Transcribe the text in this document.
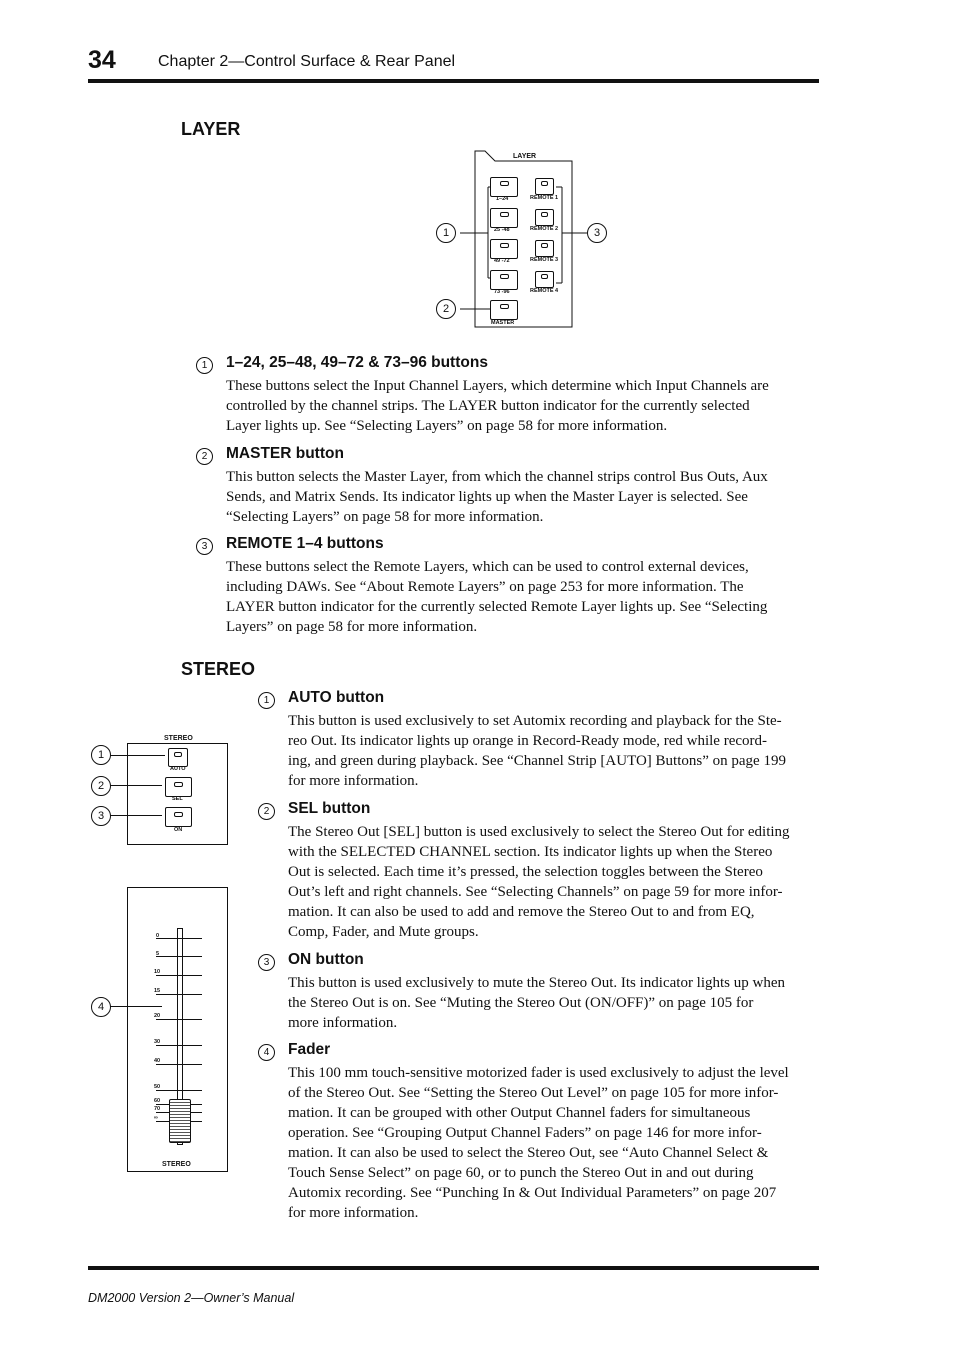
34	Chapter 2—Control Surface & Rear Panel
LAYER
LAYER
1–24
25 -48
49 -72
73 -96
MASTER
REMOTE 1
REMOTE 2
REMOTE 3
REMOTE 4
1
2
3
1	1–24, 25–48, 49–72 & 73–96 buttons
These buttons select the Input Channel Layers, which determine which Input Channels are
controlled by the channel strips. The LAYER button indicator for the currently selected
Layer lights up. See “Selecting Layers” on page 58 for more information.
2	MASTER button
This button selects the Master Layer, from which the channel strips control Bus Outs, Aux
Sends, and Matrix Sends. Its indicator lights up when the Master Layer is selected. See
“Selecting Layers” on page 58 for more information.
3	REMOTE 1–4 buttons
These buttons select the Remote Layers, which can be used to control external devices,
including DAWs. See “About Remote Layers” on page 253 for more information. The
LAYER button indicator for the currently selected Remote Layer lights up. See “Selecting
Layers” on page 58 for more information.
STEREO
STEREO
AUTO
SEL
ON
1
2
3
0
5
10
15
20
30
40
50
60
70
∞
STEREO
4
1	AUTO button
This button is used exclusively to set Automix recording and playback for the Ste-
reo Out. Its indicator lights up orange in Record-Ready mode, red while record-
ing, and green during playback. See “Channel Strip [AUTO] Buttons” on page 199
for more information.
2	SEL button
The Stereo Out [SEL] button is used exclusively to select the Stereo Out for editing
with the SELECTED CHANNEL section. Its indicator lights up when the Stereo
Out is selected. Each time it’s pressed, the selection toggles between the Stereo
Out’s left and right channels. See “Selecting Channels” on page 59 for more infor-
mation. It can also be used to add and remove the Stereo Out to and from EQ,
Comp, Fader, and Mute groups.
3	ON button
This button is used exclusively to mute the Stereo Out. Its indicator lights up when
the Stereo Out is on. See “Muting the Stereo Out (ON/OFF)” on page 105 for
more information.
4	Fader
This 100 mm touch-sensitive motorized fader is used exclusively to adjust the level
of the Stereo Out. See “Setting the Stereo Out Level” on page 105 for more infor-
mation. It can be grouped with other Output Channel faders for simultaneous
operation. See “Grouping Output Channel Faders” on page 146 for more infor-
mation. It can also be used to select the Stereo Out, see “Auto Channel Select &
Touch Sense Select” on page 60, or to punch the Stereo Out in and out during
Automix recording. See “Punching In & Out Individual Parameters” on page 207
for more information.
DM2000 Version 2—Owner’s Manual
